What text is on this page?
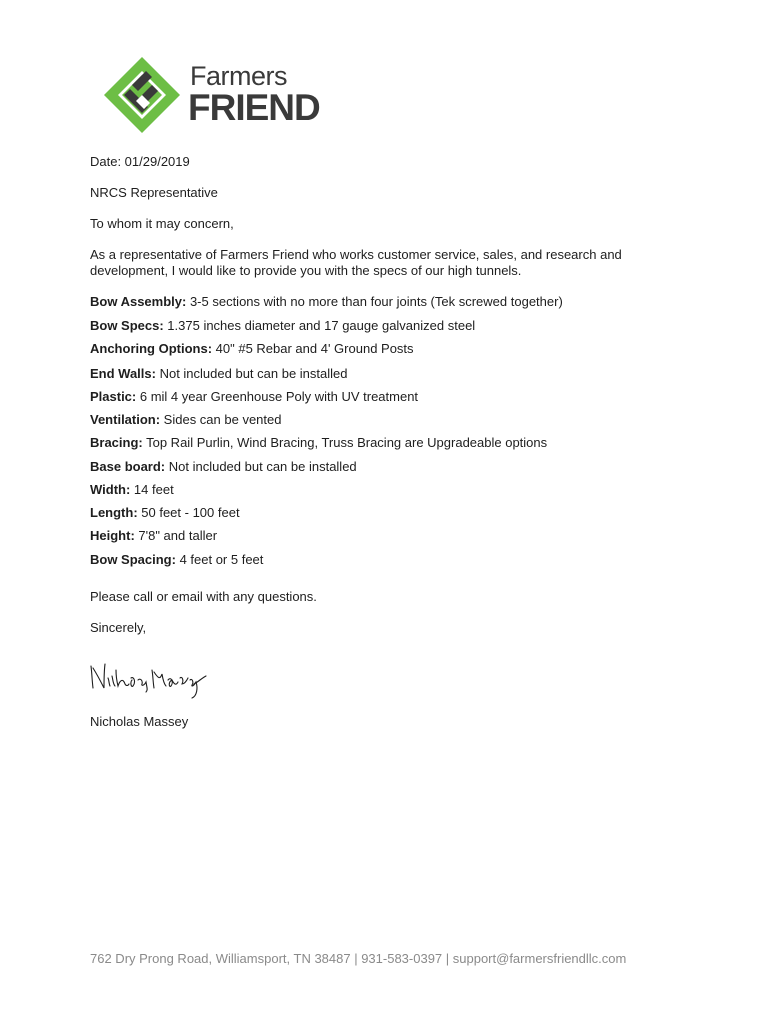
Farmers
FRIEND

Date: 01/29/2019

NRCS Representative

To whom it may concern,

As a representative of Farmers Friend who works customer service, sales, and research and development, I would like to provide you with the specs of our high tunnels.

Bow Assembly: 3-5 sections with no more than four joints (Tek screwed together)

Bow Specs: 1.375 inches diameter and 17 gauge galvanized steel

Anchoring Options: 40" #5 Rebar and 4' Ground Posts

End Walls: Not included but can be installed

Plastic: 6 mil 4 year Greenhouse Poly with UV treatment

Ventilation: Sides can be vented

Bracing: Top Rail Purlin, Wind Bracing, Truss Bracing are Upgradeable options

Base board: Not included but can be installed

Width: 14 feet

Length: 50 feet - 100 feet

Height: 7'8" and taller

Bow Spacing: 4 feet or 5 feet

Please call or email with any questions.

Sincerely,

Nicholas Massey

762 Dry Prong Road, Williamsport, TN 38487 | 931-583-0397 | support@farmersfriendllc.com
